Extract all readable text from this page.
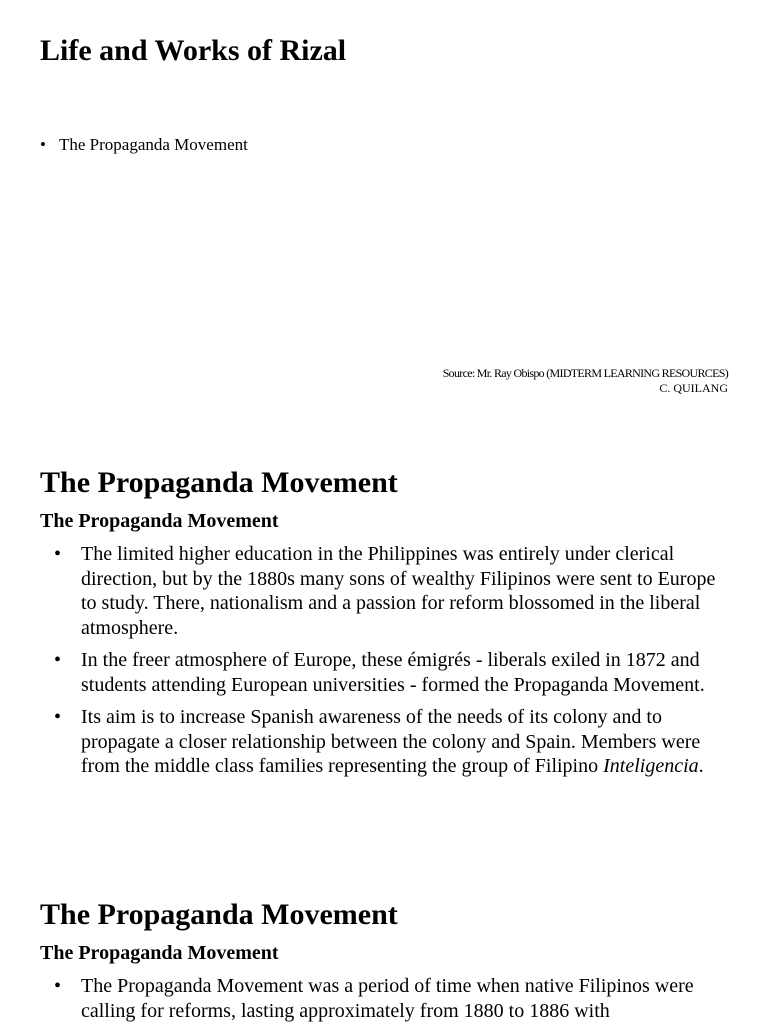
Life and Works of Rizal
• The Propaganda Movement
Source: Mr. Ray Obispo (MIDTERM LEARNING RESOURCES)
C. QUILANG
The Propaganda Movement
The Propaganda Movement
• The limited higher education in the Philippines was entirely under clerical direction, but by the 1880s many sons of wealthy Filipinos were sent to Europe to study. There, nationalism and a passion for reform blossomed in the liberal atmosphere.
• In the freer atmosphere of Europe, these émigrés - liberals exiled in 1872 and students attending European universities - formed the Propaganda Movement.
• Its aim is to increase Spanish awareness of the needs of its colony and to propagate a closer relationship between the colony and Spain. Members were from the middle class families representing the group of Filipino Inteligencia.
The Propaganda Movement
The Propaganda Movement
• The Propaganda Movement was a period of time when native Filipinos were calling for reforms, lasting approximately from 1880 to 1886 with
